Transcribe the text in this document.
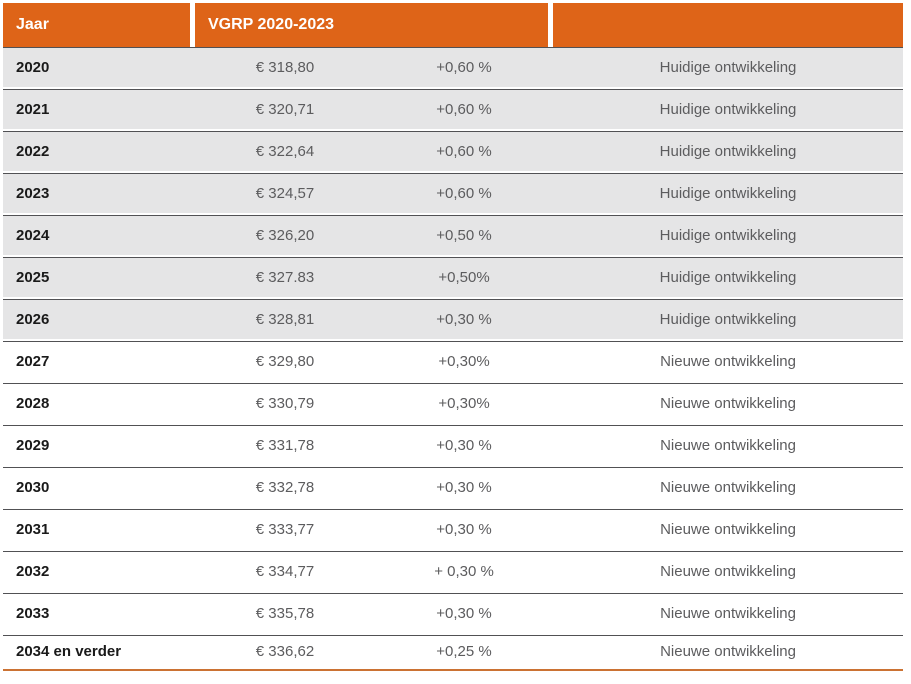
Jaar	VGRP 2020-2023		
2020	€ 318,80	+0,60 %	Huidige ontwikkeling
2021	€ 320,71	+0,60 %	Huidige ontwikkeling
2022	€ 322,64	+0,60 %	Huidige ontwikkeling
2023	€ 324,57	+0,60 %	Huidige ontwikkeling
2024	€ 326,20	+0,50 %	Huidige ontwikkeling
2025	€ 327.83	+0,50%	Huidige ontwikkeling
2026	€ 328,81	+0,30 %	Huidige ontwikkeling
2027	€ 329,80	+0,30%	Nieuwe ontwikkeling
2028	€ 330,79	+0,30%	Nieuwe ontwikkeling
2029	€ 331,78	+0,30 %	Nieuwe ontwikkeling
2030	€ 332,78	+0,30 %	Nieuwe ontwikkeling
2031	€ 333,77	+0,30 %	Nieuwe ontwikkeling
2032	€ 334,77	+ 0,30 %	Nieuwe ontwikkeling
2033	€ 335,78	+0,30 %	Nieuwe ontwikkeling
2034 en verder	€ 336,62	+0,25 %	Nieuwe ontwikkeling
